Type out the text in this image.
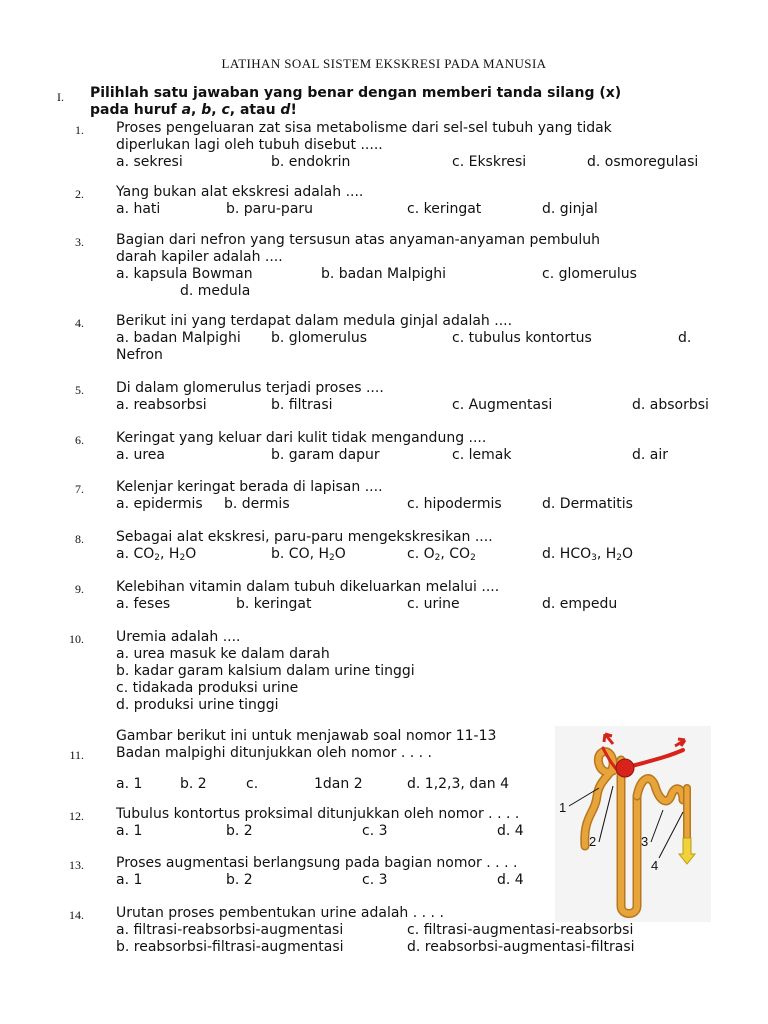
LATIHAN SOAL SISTEM EKSKRESI PADA MANUSIA
I. Pilihlah satu jawaban yang benar dengan memberi tanda silang (x)
pada huruf a, b, c, atau d!
1. Proses pengeluaran zat sisa metabolisme dari sel-sel tubuh yang tidak
diperlukan lagi oleh tubuh disebut .....
a. sekresi	b. endokrin	c. Ekskresi	d. osmoregulasi
2. Yang bukan alat ekskresi adalah ....
a. hati	b. paru-paru	c. keringat	d. ginjal
3. Bagian dari nefron yang tersusun atas anyaman-anyaman pembuluh
darah kapiler adalah ....
a. kapsula Bowman	b. badan Malpighi	c. glomerulus
d. medula
4. Berikut ini yang terdapat dalam medula ginjal adalah ....
a. badan Malpighi b. glomerulus	c. tubulus kontortus	d.
Nefron
5. Di dalam glomerulus terjadi proses ....
a. reabsorbsi	b. filtrasi	c. Augmentasi	d. absorbsi
6. Keringat yang keluar dari kulit tidak mengandung ....
a. urea	b. garam dapur	c. lemak	d. air
7. Kelenjar keringat berada di lapisan ....
a. epidermis b. dermis	c. hipodermis	d. Dermatitis
8. Sebagai alat ekskresi, paru-paru mengekskresikan ....
a. $CO_2$, $H_2O$	b. CO, $H_2O$	c. $O_2$, $CO_2$	d. $HCO_3$, $H_2O$
9. Kelebihan vitamin dalam tubuh dikeluarkan melalui ....
a. feses	b. keringat	c. urine	d. empedu
10. Uremia adalah ....
a. urea masuk ke dalam darah
b. kadar garam kalsium dalam urine tinggi
c. tidakada produksi urine
d. produksi urine tinggi
Gambar berikut ini untuk menjawab soal nomor 11-13
11. Badan malpighi ditunjukkan oleh nomor . . . .
a. 1	b. 2	c.	1dan 2	d. 1,2,3, dan 4
12. Tubulus kontortus proksimal ditunjukkan oleh nomor . . . .
a. 1	b. 2	c. 3	d. 4
13. Proses augmentasi berlangsung pada bagian nomor . . . .
a. 1	b. 2	c. 3	d. 4
14. Urutan proses pembentukan urine adalah . . . .
a. filtrasi-reabsorbsi-augmentasi	c. filtrasi-augmentasi-reabsorbsi
b. reabsorbsi-filtrasi-augmentasi	d. reabsorbsi-augmentasi-filtrasi
1
2	3
4
